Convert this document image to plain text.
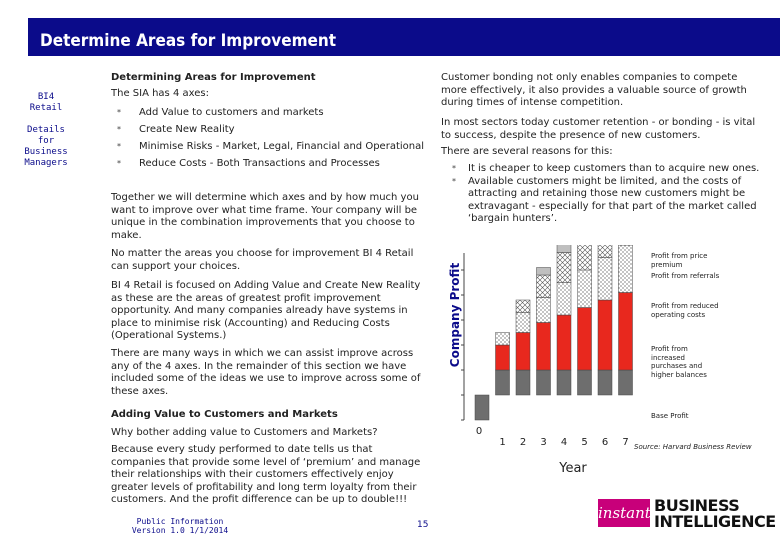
Determine Areas for Improvement
BI4
Retail
Details
for
Business
Managers
Determining Areas for Improvement
The SIA has 4 axes:
* Add Value to customers and markets
* Create New Reality
* Minimise Risks - Market, Legal, Financial and Operational
* Reduce Costs - Both Transactions and Processes
Together we will determine which axes and by how much you want to improve over what time frame. Your company will be unique in the combination improvements that you choose to make.
No matter the areas you choose for improvement BI 4 Retail can support your choices.
BI 4 Retail is focused on Adding Value and Create New Reality as these are the areas of greatest profit improvement opportunity. And many companies already have systems in place to minimise risk (Accounting) and Reducing Costs (Operational Systems.)
There are many ways in which we can assist improve across any of the 4 axes. In the remainder of this section we have included some of the ideas we use to improve across some of these axes.
Adding Value to Customers and Markets
Why bother adding value to Customers and Markets?
Because every study performed to date tells us that companies that provide some level of ‘premium’ and manage their relationships with their customers effectively enjoy greater levels of profitability and long term loyalty from their customers. And the profit difference can be up to double!!!
Customer bonding not only enables companies to compete more effectively, it also provides a valuable source of growth during times of intense competition.
In most sectors today customer retention - or bonding - is vital to success, despite the presence of new customers.
There are several reasons for this:
* It is cheaper to keep customers than to acquire new ones.
* Available customers might be limited, and the costs of attracting and retaining those new customers might be extravagant - especially for that part of the market called ‘bargain hunters’.
0
1 2 3 4 5 6 7
Year
Company Profit
Profit from price premium
Profit from referrals
Profit from reduced operating costs
Profit from increased purchases and higher balances
Base Profit
Source: Harvard Business Review
Public Information
Version 1.0 1/1/2014
15
instant BUSINESS
INTELLIGENCE
